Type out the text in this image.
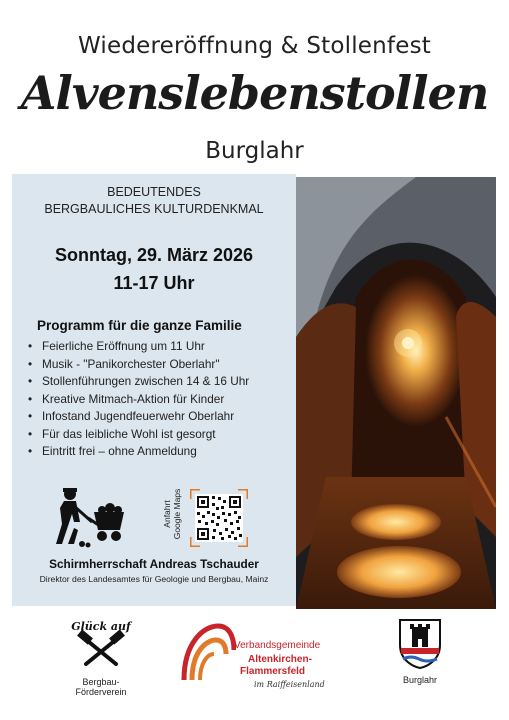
Wiedereröffnung & Stollenfest
Alvenslebenstollen
Burglahr
BEDEUTENDES
BERGBAULICHES KULTURDENKMAL
Sonntag, 29. März 2026
11-17 Uhr
Programm für die ganze Familie
• Feierliche Eröffnung um 11 Uhr
• Musik - "Panikorchester Oberlahr"
• Stollenführungen zwischen 14 & 16 Uhr
• Kreative Mitmach-Aktion für Kinder
• Infostand Jugendfeuerwehr Oberlahr
• Für das leibliche Wohl ist gesorgt
• Eintritt frei – ohne Anmeldung
Anfahrt Google Maps
Schirmherrschaft Andreas Tschauder
Direktor des Landesamtes für Geologie und Bergbau, Mainz
Glück auf
Bergbau-
Förderverein
Verbandsgemeinde
Altenkirchen-
Flammersfeld
im Raiffeisenland	Burglahr
